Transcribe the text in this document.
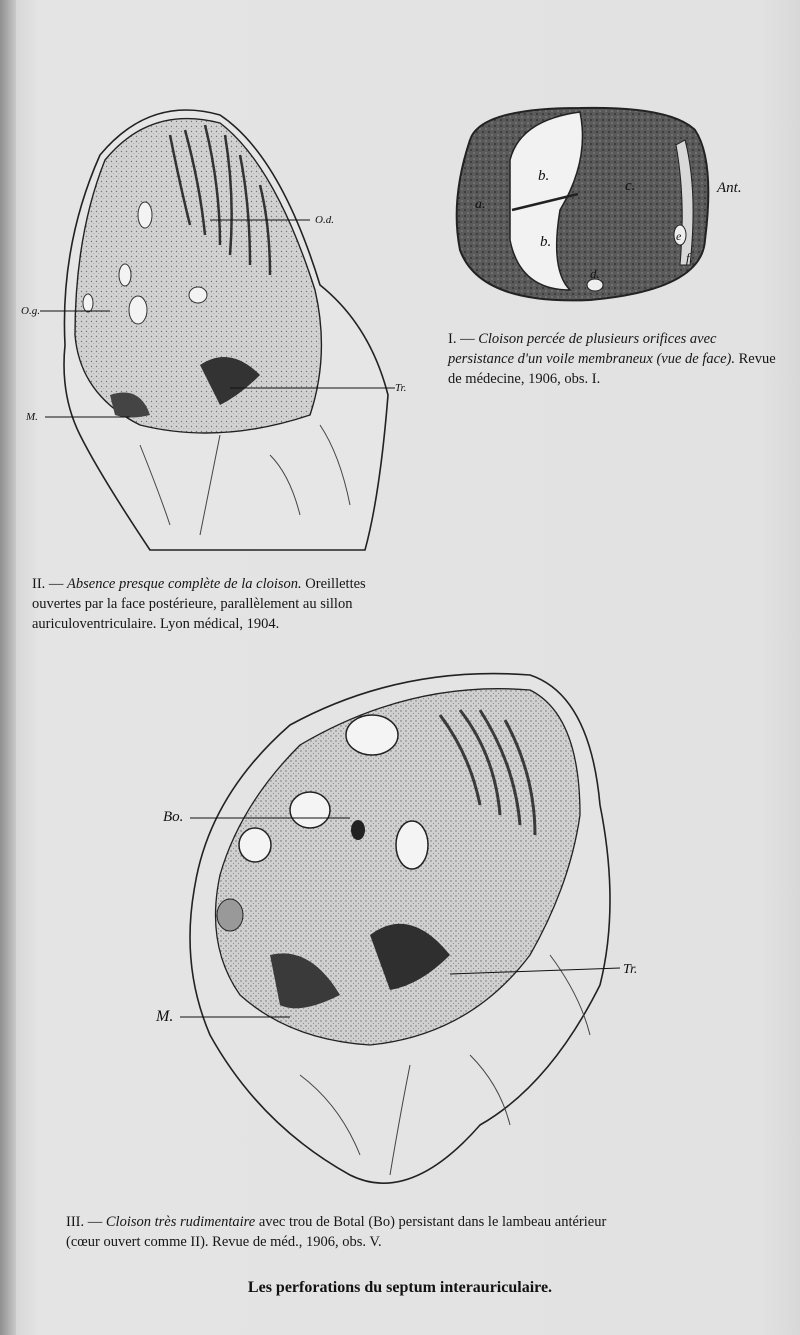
a.
b.
b.
c.
d.
e
f.
Ant.
I. — Cloison percée de plusieurs orifices avec persistance d'un voile membraneux (vue de face). Revue de médecine, 1906, obs. I.
O.d.
O.g.
Tr.
M.
II. — Absence presque complète de la cloison. Oreillettes ouvertes par la face postérieure, parallèlement au sillon auriculoventriculaire. Lyon médical, 1904.
Bo.
Tr.
M.
III. — Cloison très rudimentaire avec trou de Botal (Bo) persistant dans le lambeau antérieur
(cœur ouvert comme II). Revue de méd., 1906, obs. V.
Les perforations du septum interauriculaire.
